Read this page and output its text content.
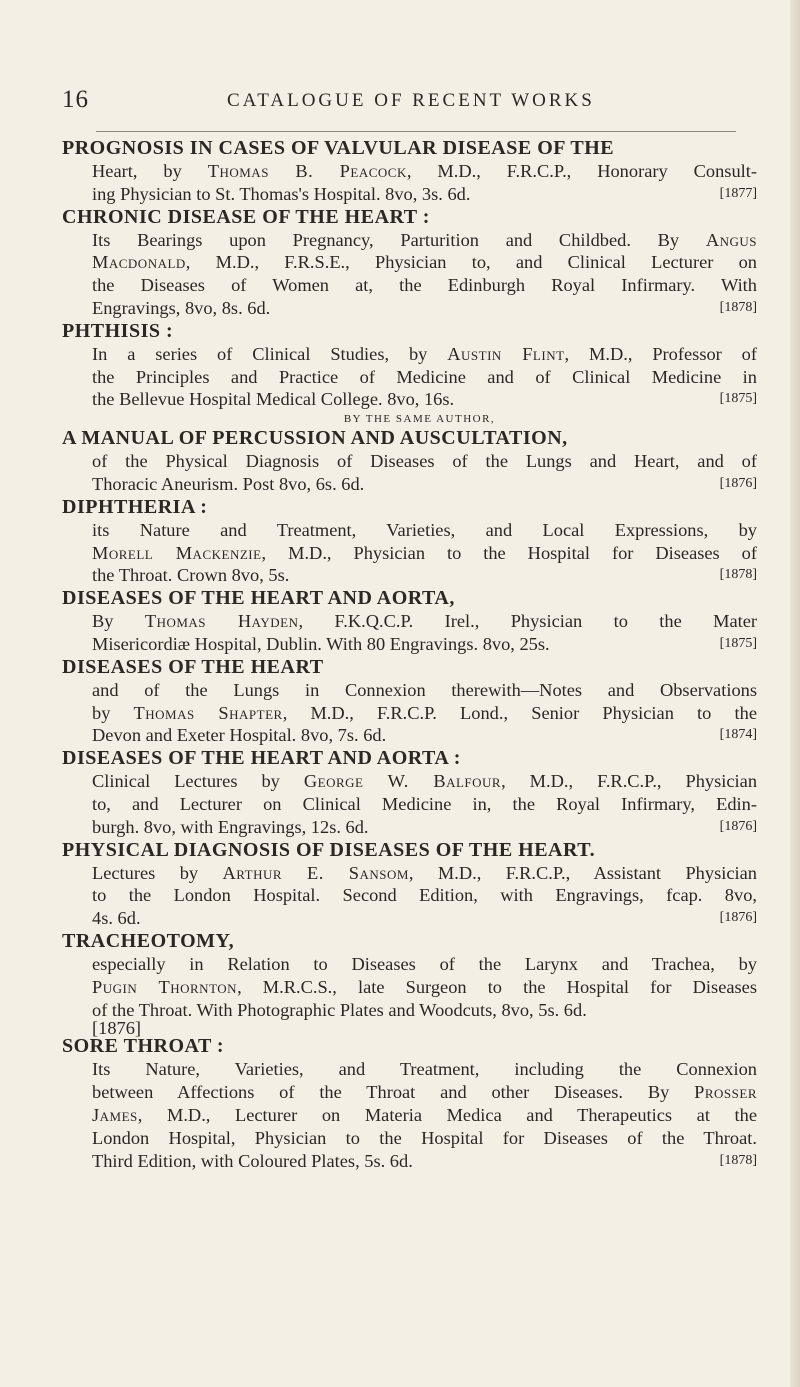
16	CATALOGUE OF RECENT WORKS
PROGNOSIS IN CASES OF VALVULAR DISEASE OF THE
Heart, by Thomas B. Peacock, M.D., F.R.C.P., Honorary Consult-
ing Physician to St. Thomas's Hospital. 8vo, 3s. 6d.	[1877]
CHRONIC DISEASE OF THE HEART :
Its Bearings upon Pregnancy, Parturition and Childbed. By Angus
Macdonald, M.D., F.R.S.E., Physician to, and Clinical Lecturer on
the Diseases of Women at, the Edinburgh Royal Infirmary. With
Engravings, 8vo, 8s. 6d.	[1878]
PHTHISIS :
In a series of Clinical Studies, by Austin Flint, M.D., Professor of
the Principles and Practice of Medicine and of Clinical Medicine in
the Bellevue Hospital Medical College. 8vo, 16s.	[1875]
BY THE SAME AUTHOR,
A MANUAL OF PERCUSSION AND AUSCULTATION,
of the Physical Diagnosis of Diseases of the Lungs and Heart, and of
Thoracic Aneurism. Post 8vo, 6s. 6d.	[1876]
DIPHTHERIA :
its Nature and Treatment, Varieties, and Local Expressions, by
Morell Mackenzie, M.D., Physician to the Hospital for Diseases of
the Throat. Crown 8vo, 5s.	[1878]
DISEASES OF THE HEART AND AORTA,
By Thomas Hayden, F.K.Q.C.P. Irel., Physician to the Mater
Misericordiæ Hospital, Dublin. With 80 Engravings. 8vo, 25s.	[1875]
DISEASES OF THE HEART
and of the Lungs in Connexion therewith—Notes and Observations
by Thomas Shapter, M.D., F.R.C.P. Lond., Senior Physician to the
Devon and Exeter Hospital. 8vo, 7s. 6d.	[1874]
DISEASES OF THE HEART AND AORTA :
Clinical Lectures by George W. Balfour, M.D., F.R.C.P., Physician
to, and Lecturer on Clinical Medicine in, the Royal Infirmary, Edin-
burgh. 8vo, with Engravings, 12s. 6d.	[1876]
PHYSICAL DIAGNOSIS OF DISEASES OF THE HEART.
Lectures by Arthur E. Sansom, M.D., F.R.C.P., Assistant Physician
to the London Hospital. Second Edition, with Engravings, fcap. 8vo,
4s. 6d.	[1876]
TRACHEOTOMY,
especially in Relation to Diseases of the Larynx and Trachea, by
Pugin Thornton, M.R.C.S., late Surgeon to the Hospital for Diseases
of the Throat. With Photographic Plates and Woodcuts, 8vo, 5s. 6d.
[1876]
SORE THROAT :
Its Nature, Varieties, and Treatment, including the Connexion
between Affections of the Throat and other Diseases. By Prosser
James, M.D., Lecturer on Materia Medica and Therapeutics at the
London Hospital, Physician to the Hospital for Diseases of the Throat.
Third Edition, with Coloured Plates, 5s. 6d.	[1878]
